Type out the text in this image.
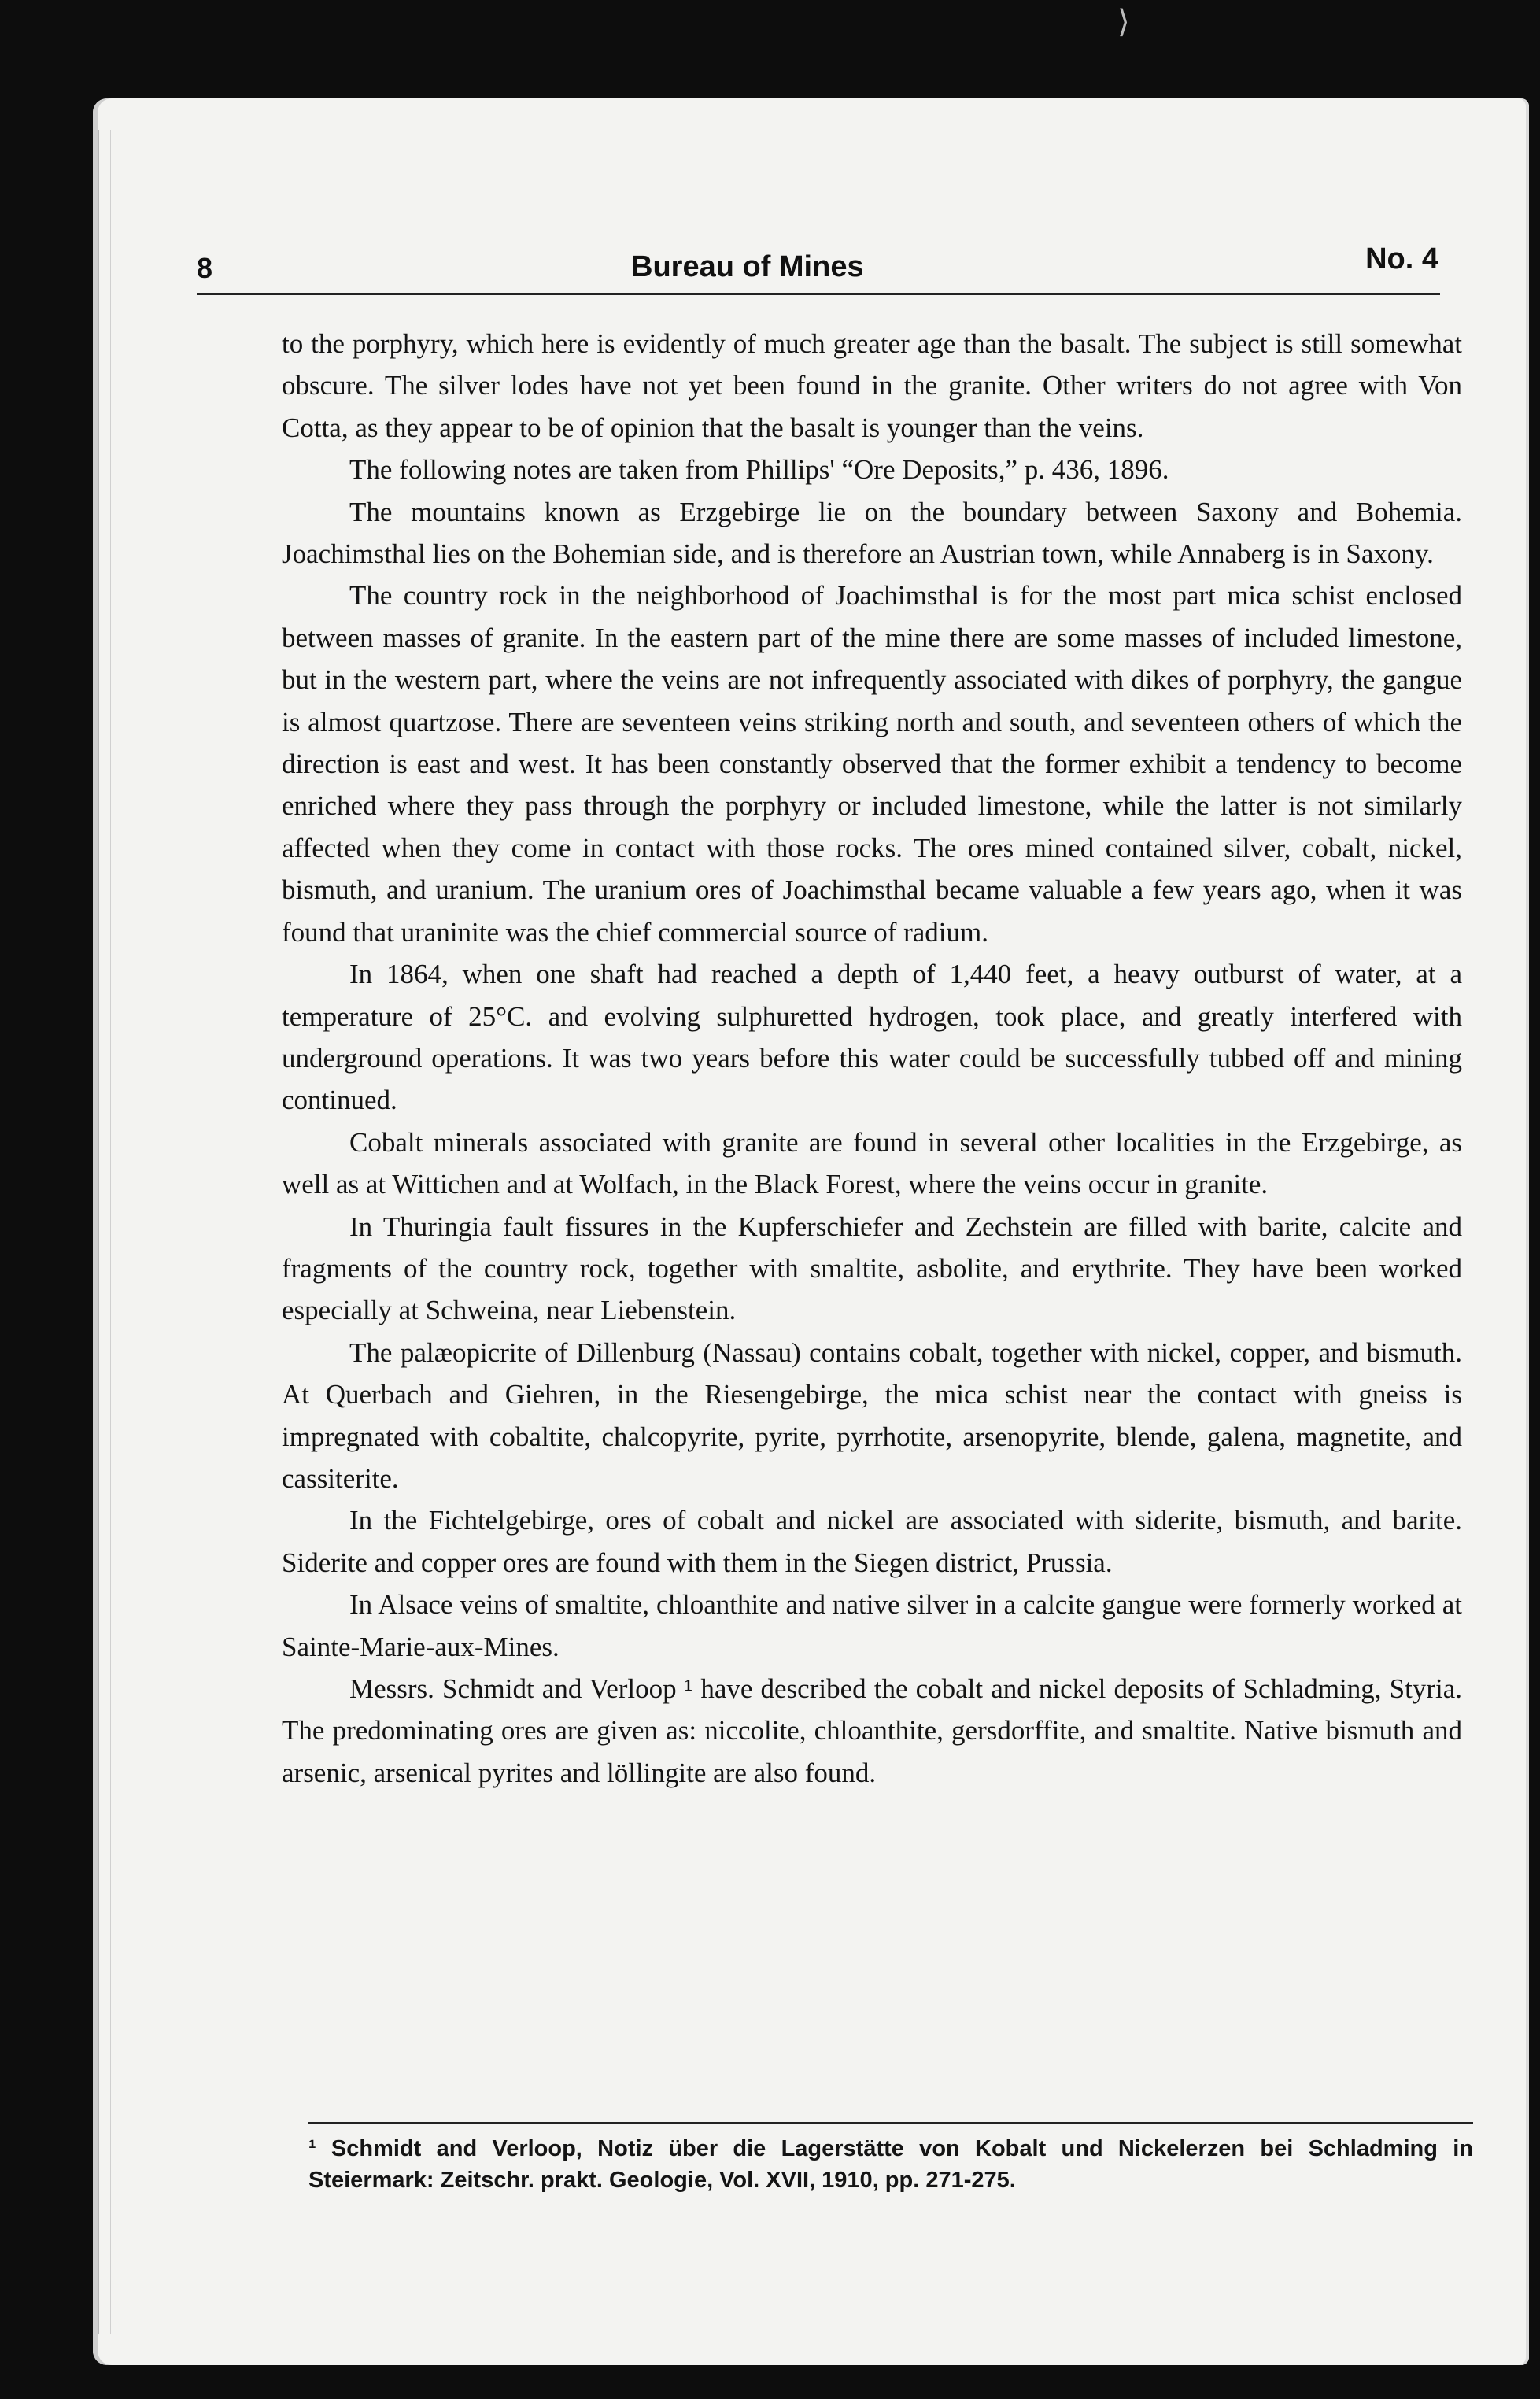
⟩
8	Bureau of Mines	No. 4

to the porphyry, which here is evidently of much greater age than the basalt. The subject is still somewhat obscure. The silver lodes have not yet been found in the granite. Other writers do not agree with Von Cotta, as they appear to be of opinion that the basalt is younger than the veins.

The following notes are taken from Phillips' “Ore Deposits,” p. 436, 1896.

The mountains known as Erzgebirge lie on the boundary between Saxony and Bohemia. Joachimsthal lies on the Bohemian side, and is therefore an Austrian town, while Annaberg is in Saxony.

The country rock in the neighborhood of Joachimsthal is for the most part mica schist enclosed between masses of granite. In the eastern part of the mine there are some masses of included limestone, but in the western part, where the veins are not infrequently associated with dikes of porphyry, the gangue is almost quartzose. There are seventeen veins striking north and south, and seventeen others of which the direction is east and west. It has been constantly observed that the former exhibit a tendency to become enriched where they pass through the porphyry or included limestone, while the latter is not similarly affected when they come in contact with those rocks. The ores mined contained silver, cobalt, nickel, bismuth, and uranium. The uranium ores of Joachimsthal became valuable a few years ago, when it was found that uraninite was the chief commercial source of radium.

In 1864, when one shaft had reached a depth of 1,440 feet, a heavy outburst of water, at a temperature of 25°C. and evolving sulphuretted hydrogen, took place, and greatly interfered with underground operations. It was two years before this water could be successfully tubbed off and mining continued.

Cobalt minerals associated with granite are found in several other localities in the Erzgebirge, as well as at Wittichen and at Wolfach, in the Black Forest, where the veins occur in granite.

In Thuringia fault fissures in the Kupferschiefer and Zechstein are filled with barite, calcite and fragments of the country rock, together with smaltite, asbolite, and erythrite. They have been worked especially at Schweina, near Liebenstein.

The palæopicrite of Dillenburg (Nassau) contains cobalt, together with nickel, copper, and bismuth. At Querbach and Giehren, in the Riesengebirge, the mica schist near the contact with gneiss is impregnated with cobaltite, chalcopyrite, pyrite, pyrrhotite, arsenopyrite, blende, galena, magnetite, and cassiterite.

In the Fichtelgebirge, ores of cobalt and nickel are associated with siderite, bismuth, and barite. Siderite and copper ores are found with them in the Siegen district, Prussia.

In Alsace veins of smaltite, chloanthite and native silver in a calcite gangue were formerly worked at Sainte-Marie-aux-Mines.

Messrs. Schmidt and Verloop ¹ have described the cobalt and nickel deposits of Schladming, Styria. The predominating ores are given as: niccolite, chloanthite, gersdorffite, and smaltite. Native bismuth and arsenic, arsenical pyrites and löllingite are also found.

¹ Schmidt and Verloop, Notiz über die Lagerstätte von Kobalt und Nickelerzen bei Schladming in Steiermark: Zeitschr. prakt. Geologie, Vol. XVII, 1910, pp. 271-275.
